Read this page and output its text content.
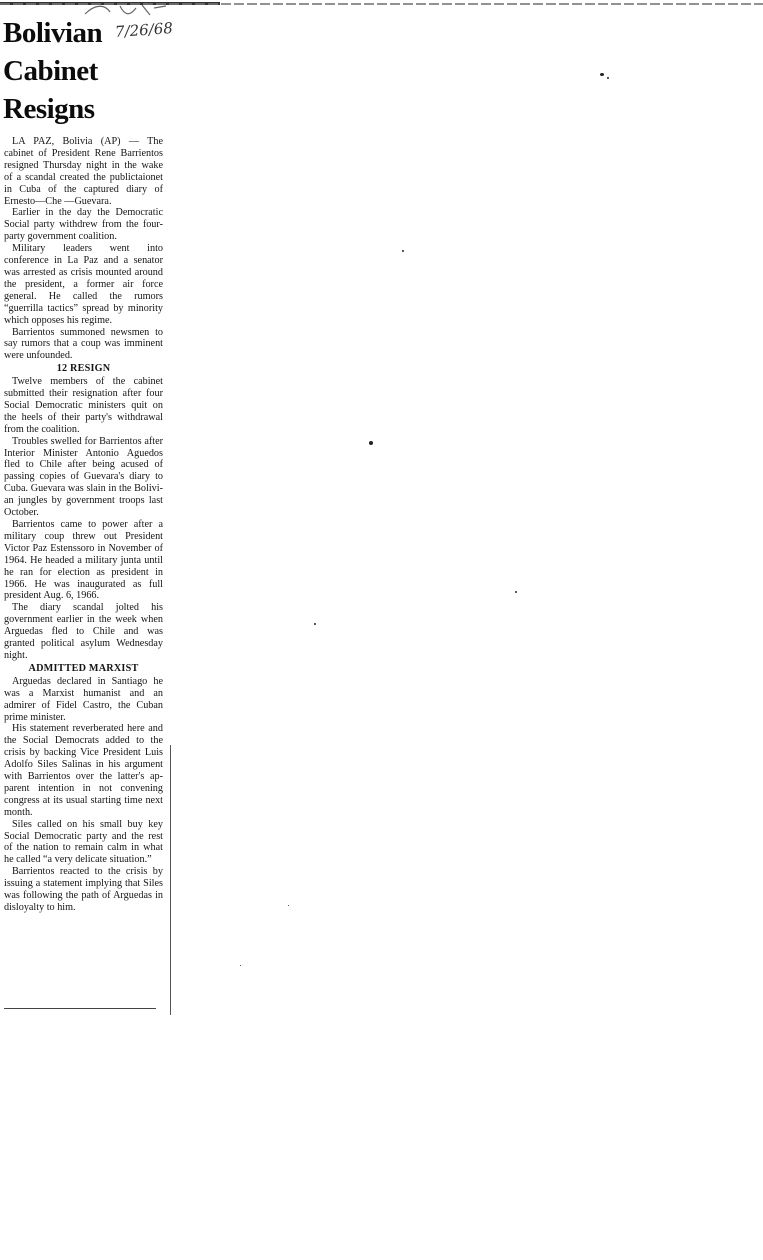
7/26/68
Bolivian
Cabinet
Resigns

LA PAZ, Bolivia (AP) — The cabinet of President Rene Barrientos resigned Thursday night in the wake of a scandal created the publictaionet in Cuba of the captured diary of Ernesto—Che —Guevara.

Earlier in the day the Democratic Social party withdrew from the four-party government coalition.

Military leaders went into conference in La Paz and a senator was arrested as crisis mounted around the president, a former air force general. He called the rumors “guerrilla tactics” spread by minority which opposes his regime.

Barrientos summoned newsmen to say rumors that a coup was imminent were unfounded.

12 RESIGN

Twelve members of the cabinet submitted their resignation after four Social Democratic ministers quit on the heels of their party's withdrawal from the coalition.

Troubles swelled for Barrientos after Interior Minister Antonio Aguedos fled to Chile after being acused of passing copies of Guevara's diary to Cuba. Guevara was slain in the Bolivian jungles by government troops last October.

Barrientos came to power after a military coup threw out President Victor Paz Estenssoro in November of 1964. He headed a military junta until he ran for election as president in 1966. He was inaugurated as full president Aug. 6, 1966.

The diary scandal jolted his government earlier in the week when Arguedas fled to Chile and was granted political asylum Wednesday night.

ADMITTED MARXIST

Arguedas declared in Santiago he was a Marxist humanist and an admirer of Fidel Castro, the Cuban prime minister.

His statement reverberated here and the Social Democrats added to the crisis by backing Vice President Luis Adolfo Siles Salinas in his argument with Barrientos over the latter's apparent intention in not convening congress at its usual starting time next month.

Siles called on his small buy key Social Democratic party and the rest of the nation to remain calm in what he called “a very delicate situation.”

Barrientos reacted to the crisis by issuing a statement implying that Siles was following the path of Arguedas in disloyalty to him.
